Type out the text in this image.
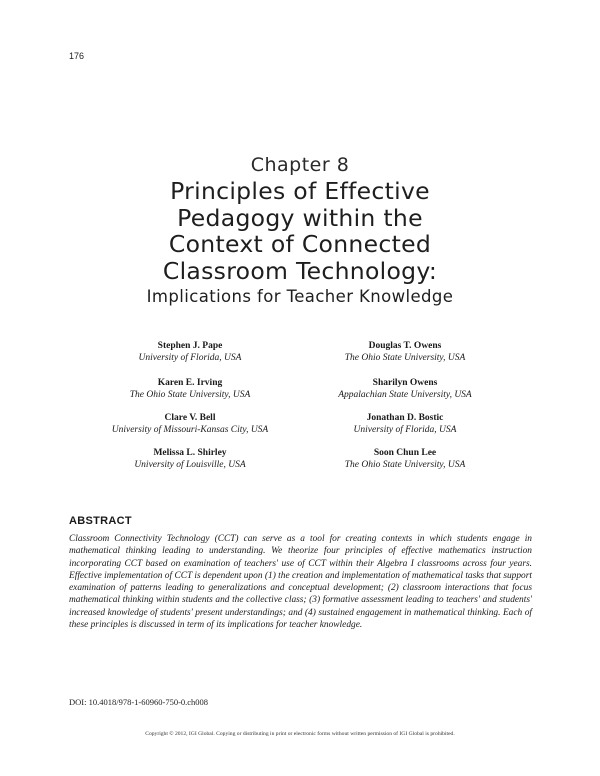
176
Chapter 8
Principles of Effective
Pedagogy within the
Context of Connected
Classroom Technology:
Implications for Teacher Knowledge
Stephen J. Pape
University of Florida, USA
Karen E. Irving
The Ohio State University, USA
Clare V. Bell
University of Missouri-Kansas City, USA
Melissa L. Shirley
University of Louisville, USA
Douglas T. Owens
The Ohio State University, USA
Sharilyn Owens
Appalachian State University, USA
Jonathan D. Bostic
University of Florida, USA
Soon Chun Lee
The Ohio State University, USA
ABSTRACT
Classroom Connectivity Technology (CCT) can serve as a tool for creating contexts in which students engage in mathematical thinking leading to understanding. We theorize four principles of effective mathematics instruction incorporating CCT based on examination of teachers' use of CCT within their Algebra I classrooms across four years. Effective implementation of CCT is dependent upon (1) the creation and implementation of mathematical tasks that support examination of patterns leading to generalizations and conceptual development; (2) classroom interactions that focus mathematical thinking within students and the collective class; (3) formative assessment leading to teachers' and students' increased knowledge of students' present understandings; and (4) sustained engagement in mathematical thinking. Each of these principles is discussed in term of its implications for teacher knowledge.
DOI: 10.4018/978-1-60960-750-0.ch008
Copyright © 2012, IGI Global. Copying or distributing in print or electronic forms without written permission of IGI Global is prohibited.
